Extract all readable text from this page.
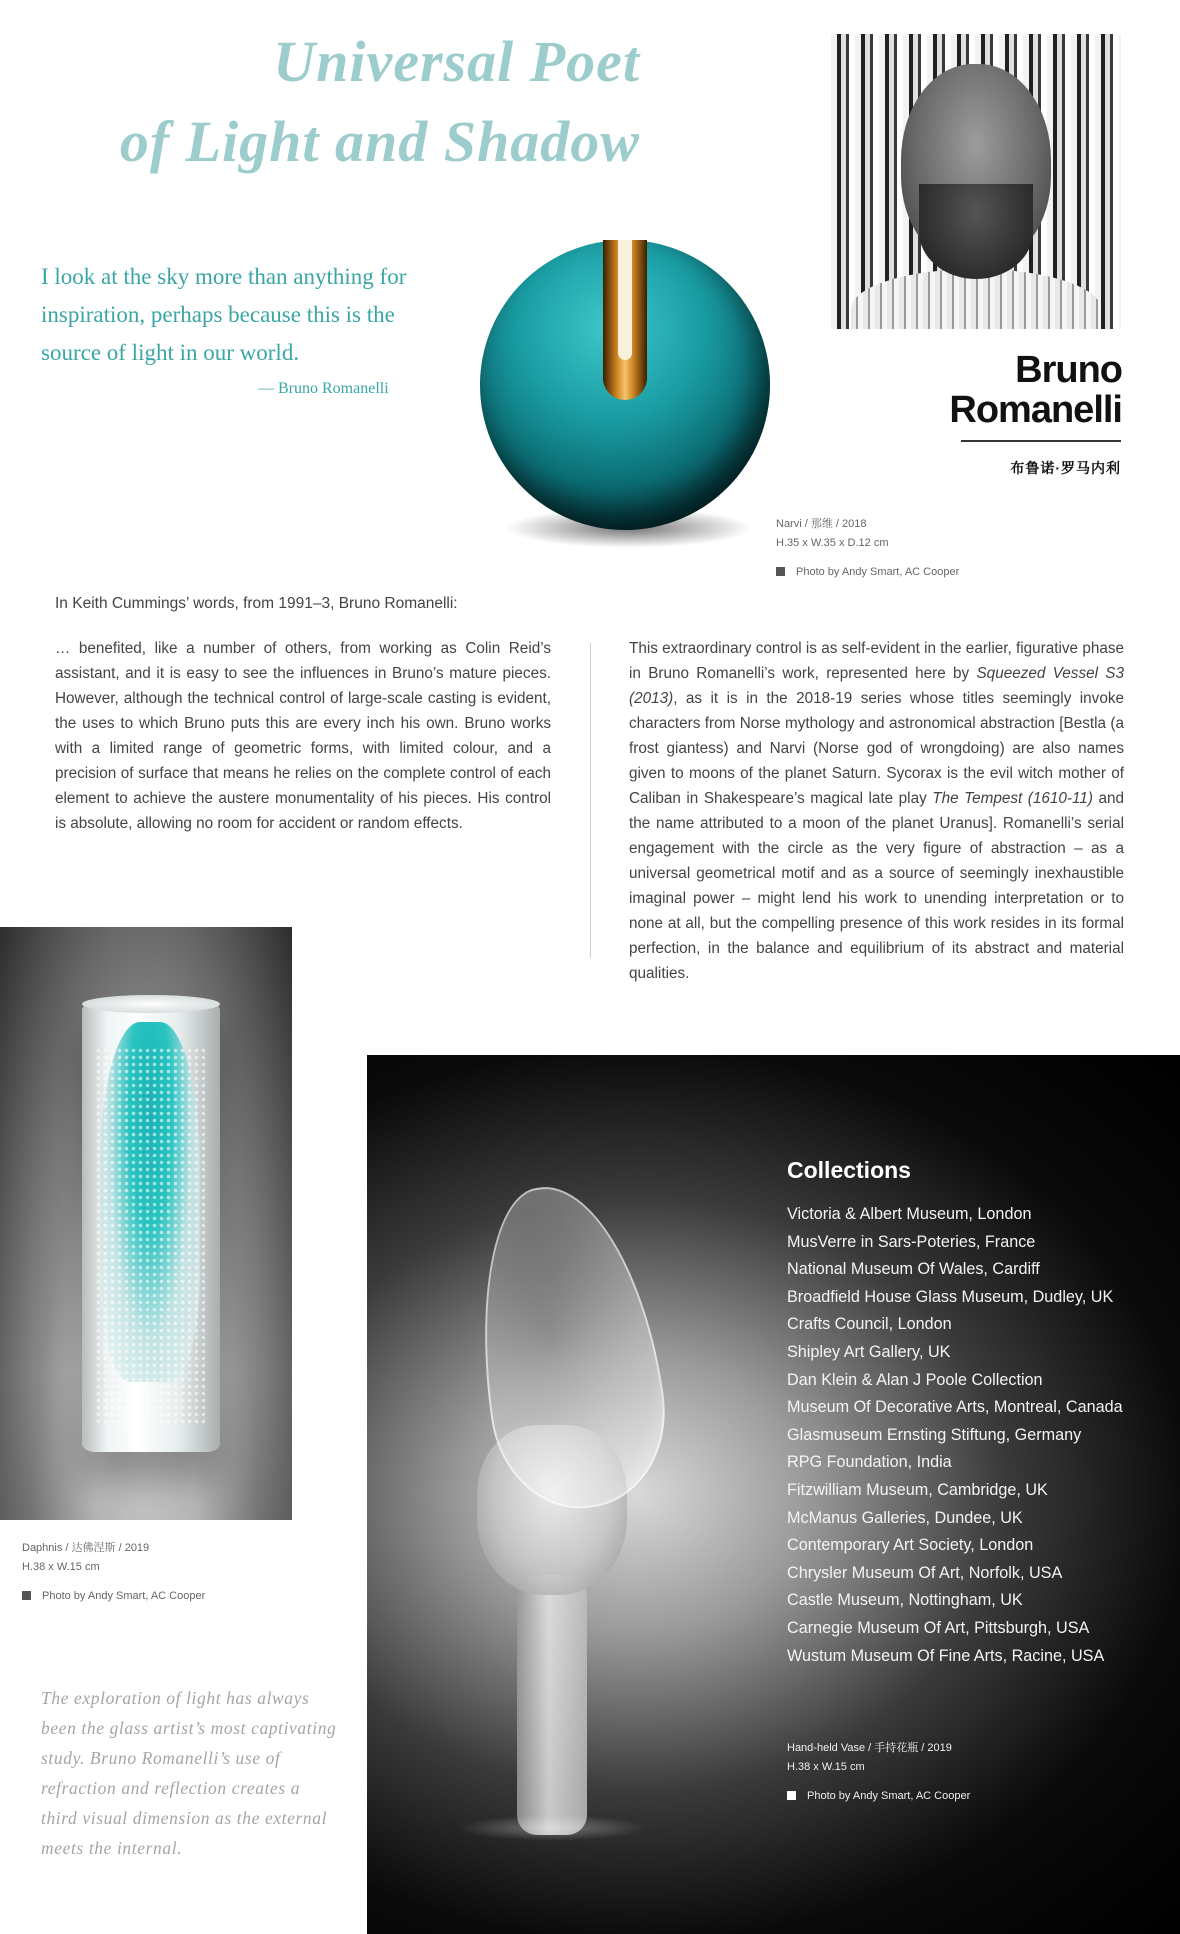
Universal Poet
of Light and Shadow
Bruno
Romanelli
布鲁诺·罗马内利
I look at the sky more than anything for inspiration, perhaps because this is the source of light in our world.
— Bruno Romanelli
Narvi / 那维 / 2018
H.35 x W.35 x D.12 cm
Photo by Andy Smart, AC Cooper
In Keith Cummings’ words, from 1991–3, Bruno Romanelli:
… benefited, like a number of others, from working as Colin Reid’s assistant, and it is easy to see the influences in Bruno’s mature pieces. However, although the technical control of large-scale casting is evident, the uses to which Bruno puts this are every inch his own. Bruno works with a limited range of geometric forms, with limited colour, and a precision of surface that means he relies on the complete control of each element to achieve the austere monumentality of his pieces. His control is absolute, allowing no room for accident or random effects.
This extraordinary control is as self-evident in the earlier, figurative phase in Bruno Romanelli’s work, represented here by Squeezed Vessel S3 (2013), as it is in the 2018-19 series whose titles seemingly invoke characters from Norse mythology and astronomical abstraction [Bestla (a frost giantess) and Narvi (Norse god of wrongdoing) are also names given to moons of the planet Saturn. Sycorax is the evil witch mother of Caliban in Shakespeare’s magical late play The Tempest (1610-11) and the name attributed to a moon of the planet Uranus]. Romanelli’s serial engagement with the circle as the very figure of abstraction – as a universal geometrical motif and as a source of seemingly inexhaustible imaginal power – might lend his work to unending interpretation or to none at all, but the compelling presence of this work resides in its formal perfection, in the balance and equilibrium of its abstract and material qualities.
Daphnis / 达佛涅斯 / 2019
H.38 x W.15 cm
Photo by Andy Smart, AC Cooper
The exploration of light has always been the glass artist’s most captivating study. Bruno Romanelli’s use of refraction and reflection creates a third visual dimension as the external meets the internal.
Collections
Victoria & Albert Museum, London
MusVerre in Sars-Poteries, France
National Museum Of Wales, Cardiff
Broadfield House Glass Museum, Dudley, UK
Crafts Council, London
Shipley Art Gallery, UK
Dan Klein & Alan J Poole Collection
Museum Of Decorative Arts, Montreal, Canada
Glasmuseum Ernsting Stiftung, Germany
RPG Foundation, India
Fitzwilliam Museum, Cambridge, UK
McManus Galleries, Dundee, UK
Contemporary Art Society, London
Chrysler Museum Of Art, Norfolk, USA
Castle Museum, Nottingham, UK
Carnegie Museum Of Art, Pittsburgh, USA
Wustum Museum Of Fine Arts, Racine, USA
Hand-held Vase / 手持花瓶 / 2019
H.38 x W.15 cm
Photo by Andy Smart, AC Cooper
